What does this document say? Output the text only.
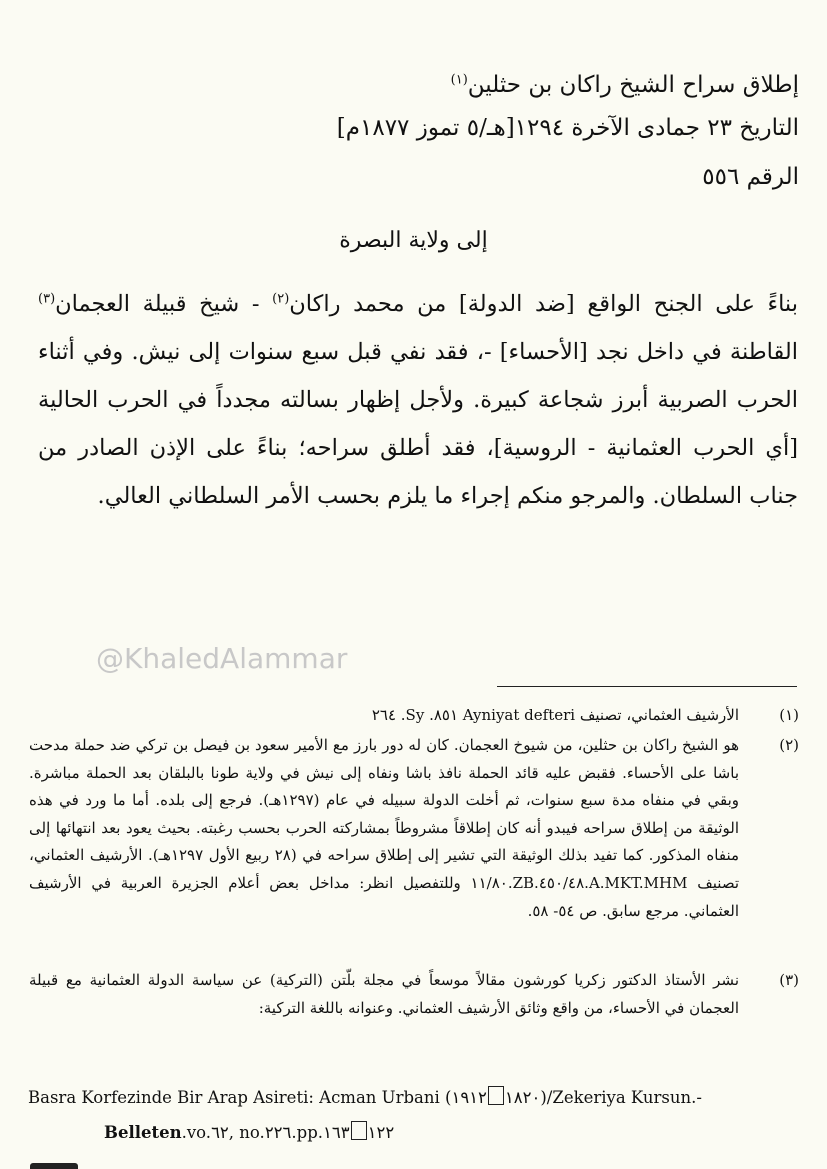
إطلاق سراح الشيخ راكان بن حثلين$^{(١)}$
التاريخ ٢٣ جمادى الآخرة ١٢٩٤[هـ/٥ تموز ١٨٧٧م]
الرقم ٥٥٦
إلى ولاية البصرة
بناءً على الجنح الواقع [ضد الدولة] من محمد راكان$^{(٢)}$ - شيخ قبيلة العجمان$^{(٣)}$ القاطنة في داخل نجد [الأحساء] -، فقد نفي قبل سبع سنوات إلى نيش. وفي أثناء الحرب الصربية أبرز شجاعة كبيرة. ولأجل إظهار بسالته مجدداً في الحرب الحالية [أي الحرب العثمانية - الروسية]، فقد أطلق سراحه؛ بناءً على الإذن الصادر من جناب السلطان. والمرجو منكم إجراء ما يلزم بحسب الأمر السلطاني العالي.
@KhaledAlammar
(١)
الأرشيف العثماني، تصنيف Ayniyat defteri ٨٥١. Sy. ٢٦٤
(٢)
هو الشيخ راكان بن حثلين، من شيوخ العجمان. كان له دور بارز مع الأمير سعود بن فيصل بن تركي ضد حملة مدحت باشا على الأحساء. فقبض عليه قائد الحملة نافذ باشا ونفاه إلى نيش في ولاية طونا بالبلقان بعد الحملة مباشرة. وبقي في منفاه مدة سبع سنوات، ثم أخلت الدولة سبيله في عام (١٢٩٧هـ). فرجع إلى بلده. أما ما ورد في هذه الوثيقة من إطلاق سراحه فيبدو أنه كان إطلاقاً مشروطاً بمشاركته الحرب بحسب رغبته. بحيث يعود بعد انتهائها إلى منفاه المذكور. كما تفيد بذلك الوثيقة التي تشير إلى إطلاق سراحه في (٢٨ ربيع الأول ١٢٩٧هـ). الأرشيف العثماني، تصنيف A.MKT.MHM.٤٥٠/٤٨.ZB.١١/٨٠ وللتفصيل انظر: مداخل بعض أعلام الجزيرة العربية في الأرشيف العثماني. مرجع سابق. ص ٥٤- ٥٨.
(٣)
نشر الأستاذ الدكتور زكريا كورشون مقالاً موسعاً في مجلة بلّتن (التركية) عن سياسة الدولة العثمانية مع قبيلة العجمان في الأحساء، من واقع وثائق الأرشيف العثماني. وعنوانه باللغة التركية:
Basra Korfezinde Bir Arap Asireti: Acman Urbani (١٨٢٠١٩١٢)/Zekeriya Kursun.-
Belleten.vo.٦٢, no.٢٢٦.pp.١٢٢١٦٣
